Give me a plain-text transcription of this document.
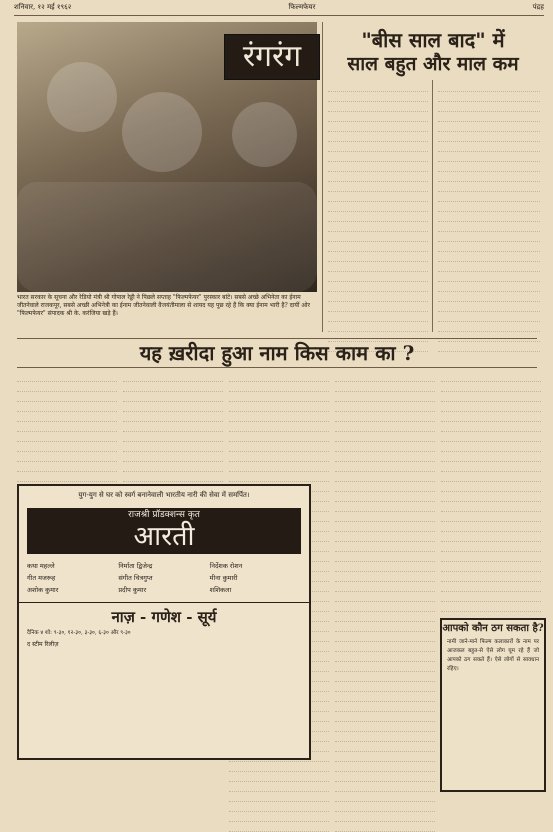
शनिवार, १२ मई १९६२	फिल्मफेयर	पंद्रह
रंगरंग
भारत सरकार के सूचना और रेडियो मंत्री श्री गोपाल रेड्डी ने पिछले सप्ताह "फिल्मफेयर" पुरस्कार बांटे। सबसे अच्छे अभिनेता का ईनाम जीतनेवाले राजकपूर, सबसे अच्छी अभिनेत्री का ईनाम जीतनेवाली वैजयंतीमाला से शायद यह पूछ रहे हैं कि क्या ईनाम भारी है? दायीं ओर "फिल्मफेयर" संपादक श्री के. करंजिया खड़े हैं।
"बीस साल बाद" में
साल बहुत और माल कम
यह ख़रीदा हुआ नाम किस काम का ?
युग-युग से घर को स्वर्ग बनानेवाली भारतीय नारी की सेवा में समर्पित।
राजश्री प्रॉडक्शन्स कृत
आरती
कथा महल्ले	निर्माता द्विजेन्द्र	निर्देशक रोशन
गीत मजरूह	संगीत चित्रगुप्त	मीना कुमारी
अशोक कुमार	प्रदीप कुमार	शशिकला
नाज़ - गणेश - सूर्य
दैनिक ४ शो: ९-३०, १२-३०, ३-३०, ६-३० और ९-३०
द स्टीम रिलीज़
आपको कौन ठग सकता है?
नामी जाने-माने फिल्म कलाकारों के नाम पर आजकल बहुत-से ऐसे लोग घूम रहे हैं जो आपको ठग सकते हैं। ऐसे लोगों से सावधान रहिए।
